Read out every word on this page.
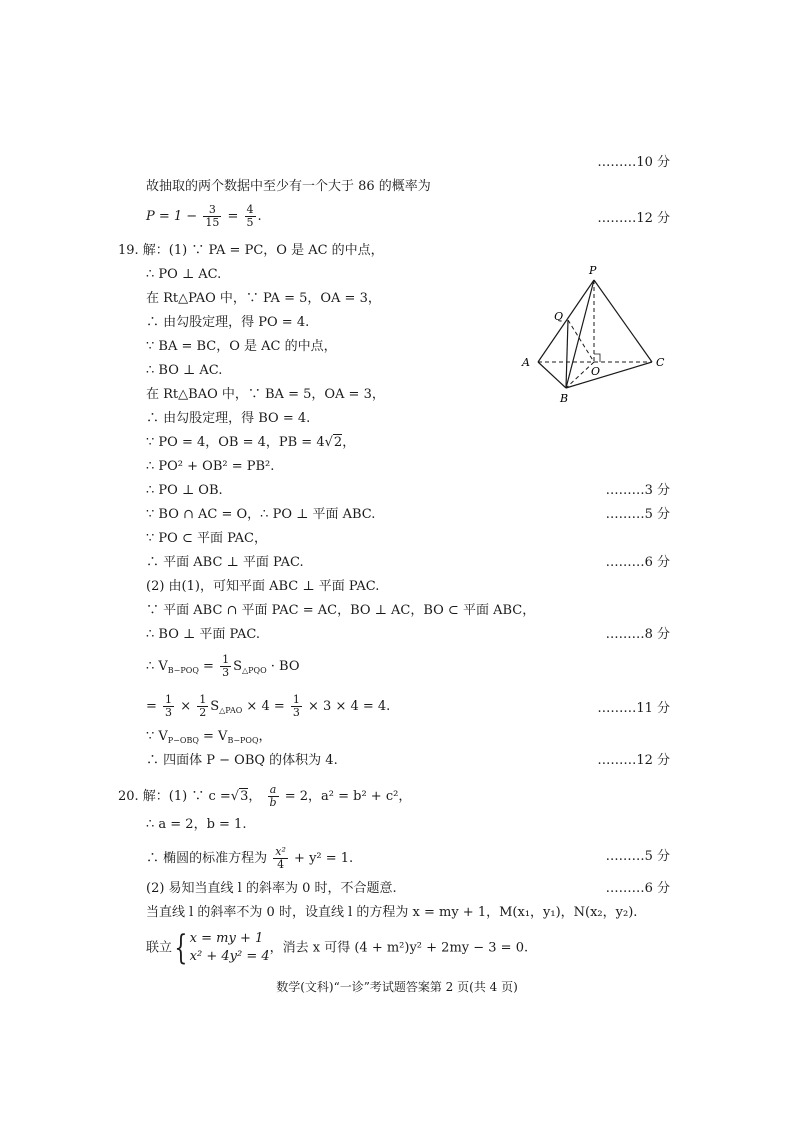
………10 分
故抽取的两个数据中至少有一个大于 86 的概率为
$P = 1 - \frac{3}{15} = \frac{4}{5}$ .	………12 分
19. 解：(1) ∵ PA = PC，O 是 AC 的中点，
∴ PO ⊥ AC.
在 Rt△PAO 中，∵ PA = 5，OA = 3，
∴ 由勾股定理，得 PO = 4.
∵ BA = BC，O 是 AC 的中点，
∴ BO ⊥ AC.
在 Rt△BAO 中，∵ BA = 5，OA = 3，
∴ 由勾股定理，得 BO = 4.
∵ PO = 4，OB = 4，PB = 4√2，
∴ PO² + OB² = PB².
∴ PO ⊥ OB.	………3 分
∵ BO ∩ AC = O，∴ PO ⊥ 平面 ABC.	………5 分
∵ PO ⊂ 平面 PAC，
∴ 平面 ABC ⊥ 平面 PAC.	………6 分
(2) 由(1)，可知平面 ABC ⊥ 平面 PAC.
∵ 平面 ABC ∩ 平面 PAC = AC，BO ⊥ AC，BO ⊂ 平面 ABC，
∴ BO ⊥ 平面 PAC.	………8 分
∴ $V_{B-POQ} = \frac{1}{3} S_{\triangle PQO}$ · BO
= $\frac{1}{3} \times \frac{1}{2} S_{\triangle PAO} \times 4 = \frac{1}{3} \times 3 \times 4 = 4$.	………11 分
∵ $V_{P-OBQ} = V_{B-POQ}$，
∴ 四面体 P − OBQ 的体积为 4.	………12 分
P
Q
A
O
C
B
20. 解：(1) ∵ c =√3， $\frac{a}{b} = 2$，a² = b² + c²，
∴ a = 2，b = 1.
∴ 椭圆的标准方程为 $\frac{\text{x²}}{4} + y^2 = 1$.	………5 分
(2) 易知当直线 l 的斜率为 0 时，不合题意.	………6 分
当直线 l 的斜率不为 0 时，设直线 l 的方程为 x = my + 1，M(x₁，y₁)，N(x₂，y₂).
联立{ x = my + 1
x² + 4y² = 4
，消去 x 可得 (4 + m²)y² + 2my − 3 = 0.
数学(文科)“一诊”考试题答案第 2 页(共 4 页)
